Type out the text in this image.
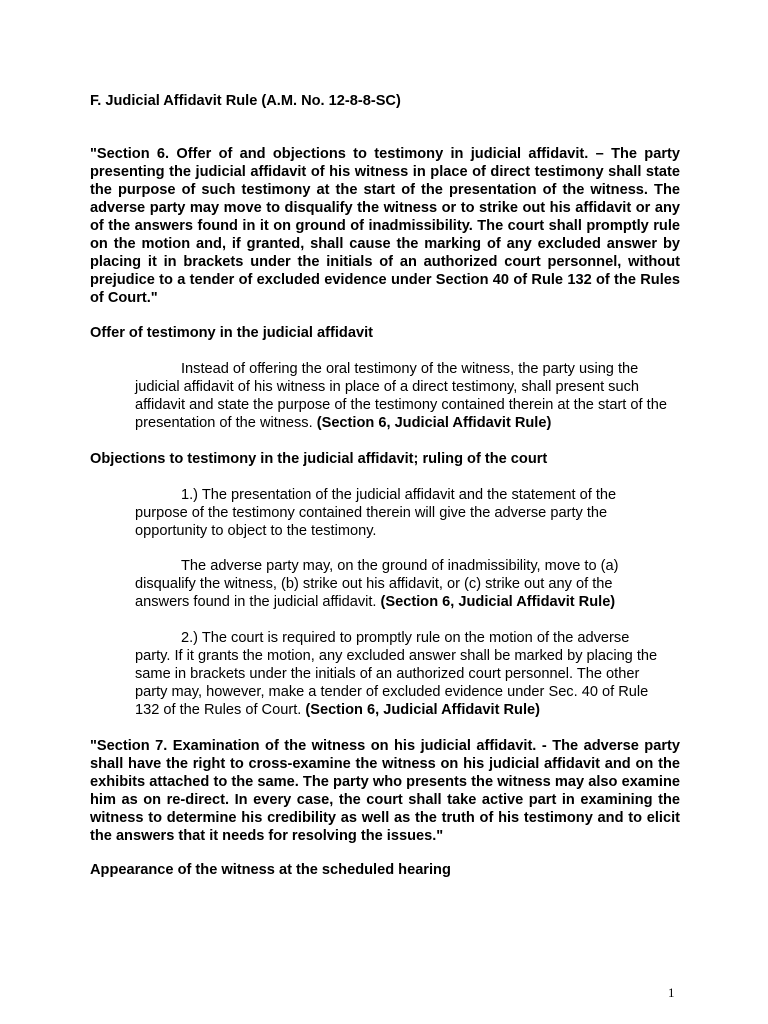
F. Judicial Affidavit Rule (A.M. No. 12-8-8-SC)

"Section 6. Offer of and objections to testimony in judicial affidavit. – The party presenting the judicial affidavit of his witness in place of direct testimony shall state the purpose of such testimony at the start of the presentation of the witness. The adverse party may move to disqualify the witness or to strike out his affidavit or any of the answers found in it on ground of inadmissibility. The court shall promptly rule on the motion and, if granted, shall cause the marking of any excluded answer by placing it in brackets under the initials of an authorized court personnel, without prejudice to a tender of excluded evidence under Section 40 of Rule 132 of the Rules of Court."

Offer of testimony in the judicial affidavit

Instead of offering the oral testimony of the witness, the party using the judicial affidavit of his witness in place of a direct testimony, shall present such affidavit and state the purpose of the testimony contained therein at the start of the presentation of the witness. (Section 6, Judicial Affidavit Rule)

Objections to testimony in the judicial affidavit; ruling of the court

1.) The presentation of the judicial affidavit and the statement of the purpose of the testimony contained therein will give the adverse party the opportunity to object to the testimony.

The adverse party may, on the ground of inadmissibility, move to (a) disqualify the witness, (b) strike out his affidavit, or (c) strike out any of the answers found in the judicial affidavit. (Section 6, Judicial Affidavit Rule)

2.) The court is required to promptly rule on the motion of the adverse party. If it grants the motion, any excluded answer shall be marked by placing the same in brackets under the initials of an authorized court personnel. The other party may, however, make a tender of excluded evidence under Sec. 40 of Rule 132 of the Rules of Court. (Section 6, Judicial Affidavit Rule)

"Section 7. Examination of the witness on his judicial affidavit. - The adverse party shall have the right to cross-examine the witness on his judicial affidavit and on the exhibits attached to the same. The party who presents the witness may also examine him as on re-direct. In every case, the court shall take active part in examining the witness to determine his credibility as well as the truth of his testimony and to elicit the answers that it needs for resolving the issues."

Appearance of the witness at the scheduled hearing

1
